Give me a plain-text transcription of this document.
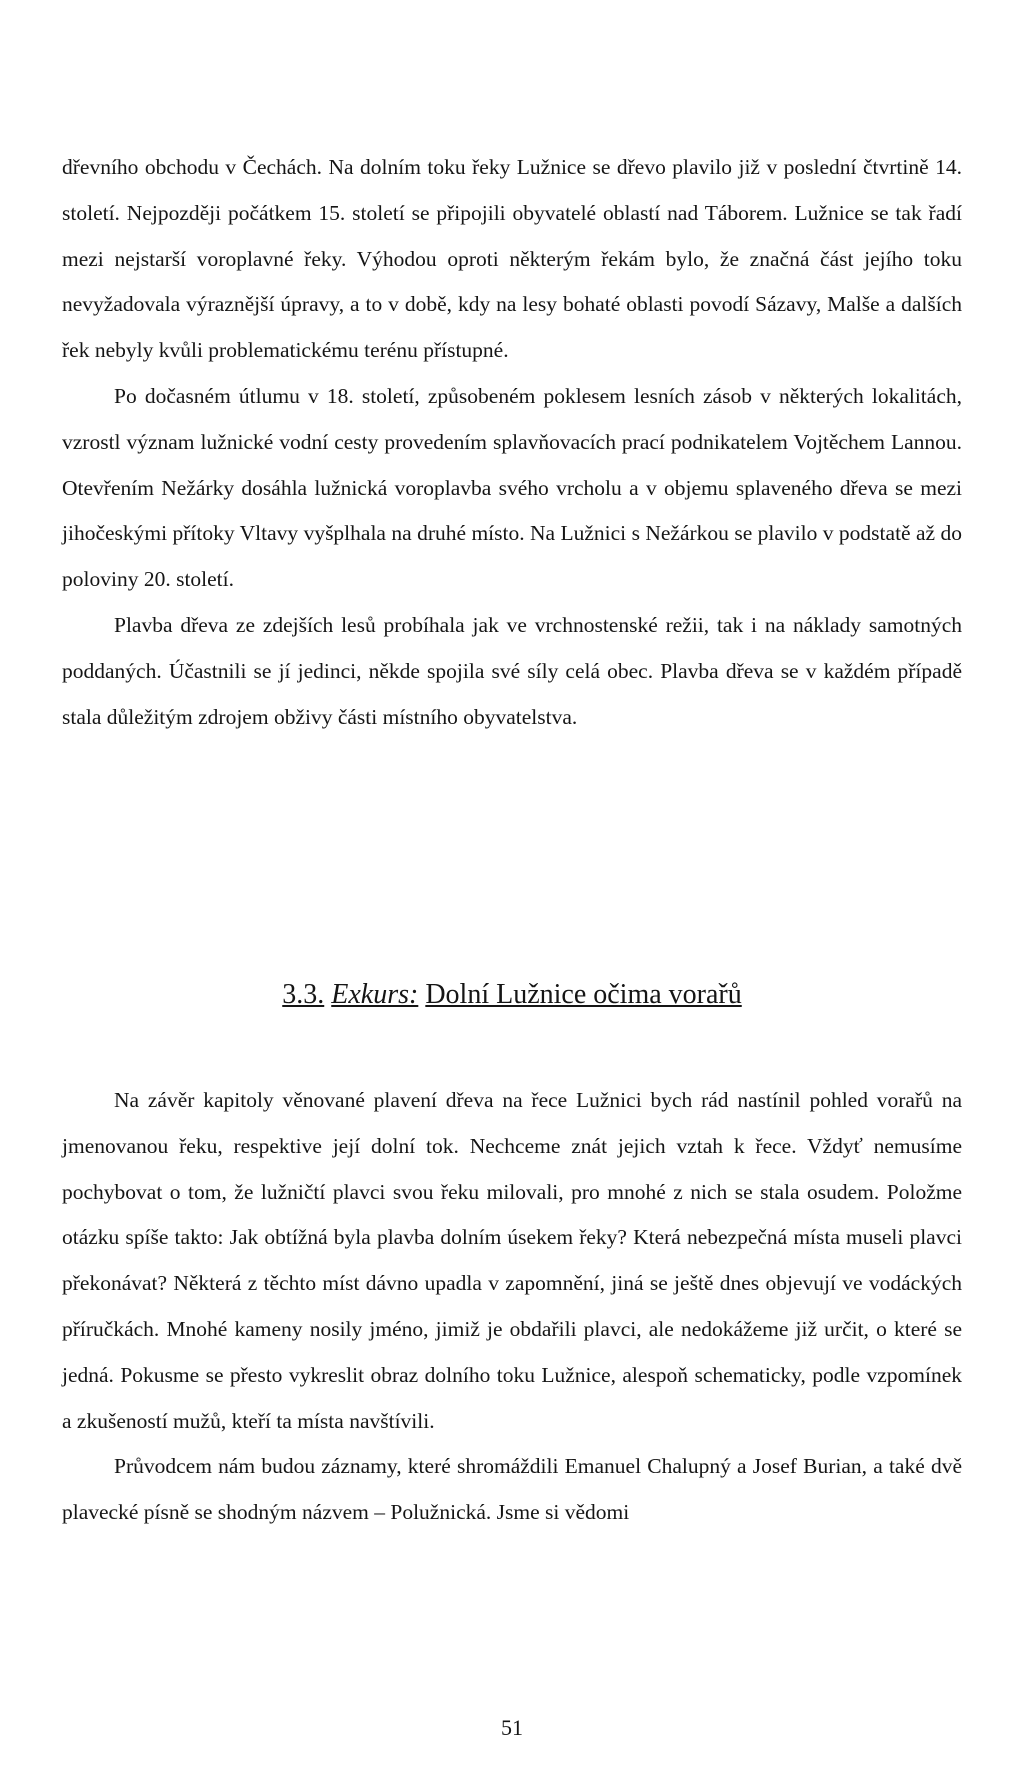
dřevního obchodu v Čechách. Na dolním toku řeky Lužnice se dřevo plavilo již v poslední čtvrtině 14. století. Nejpozději počátkem 15. století se připojili obyvatelé oblastí nad Táborem. Lužnice se tak řadí mezi nejstarší voroplavné řeky. Výhodou oproti některým řekám bylo, že značná část jejího toku nevyžadovala výraznější úpravy, a to v době, kdy na lesy bohaté oblasti povodí Sázavy, Malše a dalších řek nebyly kvůli problematickému terénu přístupné.

Po dočasném útlumu v 18. století, způsobeném poklesem lesních zásob v některých lokalitách, vzrostl význam lužnické vodní cesty provedením splavňovacích prací podnikatelem Vojtěchem Lannou. Otevřením Nežárky dosáhla lužnická voroplavba svého vrcholu a v objemu splaveného dřeva se mezi jihočeskými přítoky Vltavy vyšplhala na druhé místo. Na Lužnici s Nežárkou se plavilo v podstatě až do poloviny 20. století.

Plavba dřeva ze zdejších lesů probíhala jak ve vrchnostenské režii, tak i na náklady samotných poddaných. Účastnili se jí jedinci, někde spojila své síly celá obec. Plavba dřeva se v každém případě stala důležitým zdrojem obživy části místního obyvatelstva.

3.3. Exkurs: Dolní Lužnice očima vorařů

Na závěr kapitoly věnované plavení dřeva na řece Lužnici bych rád nastínil pohled vorařů na jmenovanou řeku, respektive její dolní tok. Nechceme znát jejich vztah k řece. Vždyť nemusíme pochybovat o tom, že lužničtí plavci svou řeku milovali, pro mnohé z nich se stala osudem. Položme otázku spíše takto: Jak obtížná byla plavba dolním úsekem řeky? Která nebezpečná místa museli plavci překonávat? Některá z těchto míst dávno upadla v zapomnění, jiná se ještě dnes objevují ve vodáckých příručkách. Mnohé kameny nosily jméno, jimiž je obdařili plavci, ale nedokážeme již určit, o které se jedná. Pokusme se přesto vykreslit obraz dolního toku Lužnice, alespoň schematicky, podle vzpomínek a zkušeností mužů, kteří ta místa navštívili.

Průvodcem nám budou záznamy, které shromáždili Emanuel Chalupný a Josef Burian, a také dvě plavecké písně se shodným názvem – Polužnická. Jsme si vědomi

51
